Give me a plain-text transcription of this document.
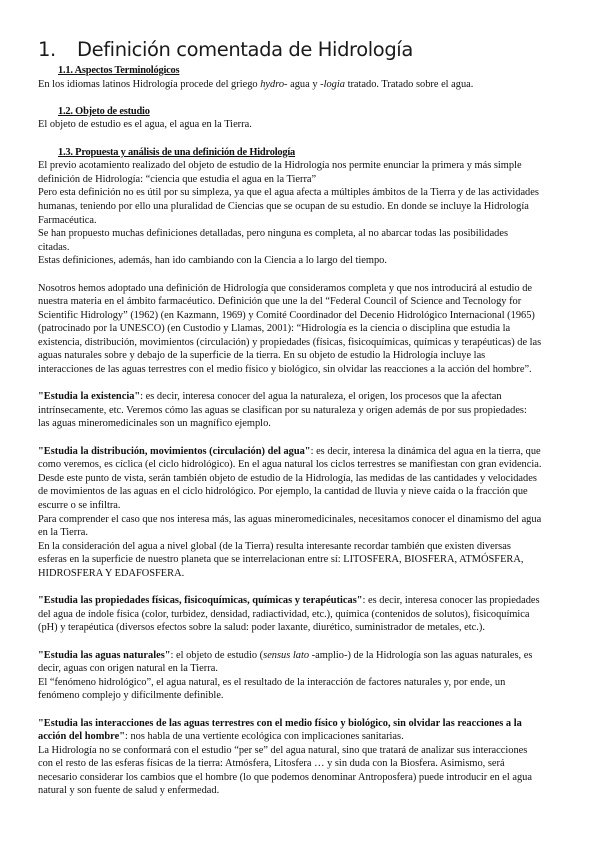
1. Definición comentada de Hidrología

1.1. Aspectos Terminológicos

En los idiomas latinos Hidrología procede del griego hydro- agua y -logia tratado. Tratado sobre el agua.

1.2. Objeto de estudio

El objeto de estudio es el agua, el agua en la Tierra.

1.3. Propuesta y análisis de una definición de Hidrología

El previo acotamiento realizado del objeto de estudio de la Hidrología nos permite enunciar la primera y más simple

definición de Hidrología: “ciencia que estudia el agua en la Tierra”

Pero esta definición no es útil por su simpleza, ya que el agua afecta a múltiples ámbitos de la Tierra y de las actividades

humanas, teniendo por ello una pluralidad de Ciencias que se ocupan de su estudio. En donde se incluye la Hidrología

Farmacéutica.

Se han propuesto muchas definiciones detalladas, pero ninguna es completa, al no abarcar todas las posibilidades

citadas.

Estas definiciones, además, han ido cambiando con la Ciencia a lo largo del tiempo.

Nosotros hemos adoptado una definición de Hidrología que consideramos completa y que nos introducirá al estudio de

nuestra materia en el ámbito farmacéutico. Definición que une la del “Federal Council of Science and Tecnology for

Scientific Hidrology” (1962) (en Kazmann, 1969) y Comité Coordinador del Decenio Hidrológico Internacional (1965)

(patrocinado por la UNESCO) (en Custodio y Llamas, 2001): “Hidrología es la ciencia o disciplina que estudia la

existencia, distribución, movimientos (circulación) y propiedades (físicas, fisicoquímicas, químicas y terapéuticas) de las

aguas naturales sobre y debajo de la superficie de la tierra. En su objeto de estudio la Hidrología incluye las

interacciones de las aguas terrestres con el medio físico y biológico, sin olvidar las reacciones a la acción del hombre”.

"Estudia la existencia": es decir, interesa conocer del agua la naturaleza, el origen, los procesos que la afectan

intrínsecamente, etc. Veremos cómo las aguas se clasifican por su naturaleza y origen además de por sus propiedades:

las aguas mineromedicinales son un magnífico ejemplo.

"Estudia la distribución, movimientos (circulación) del agua": es decir, interesa la dinámica del agua en la tierra, que

como veremos, es cíclica (el ciclo hidrológico). En el agua natural los ciclos terrestres se manifiestan con gran evidencia.

Desde este punto de vista, serán también objeto de estudio de la Hidrología, las medidas de las cantidades y velocidades

de movimientos de las aguas en el ciclo hidrológico. Por ejemplo, la cantidad de lluvia y nieve caída o la fracción que

escurre o se infiltra.

Para comprender el caso que nos interesa más, las aguas mineromedicinales, necesitamos conocer el dinamismo del agua

en la Tierra.

En la consideración del agua a nivel global (de la Tierra) resulta interesante recordar también que existen diversas

esferas en la superficie de nuestro planeta que se interrelacionan entre sí: LITOSFERA, BIOSFERA, ATMÓSFERA,

HIDROSFERA Y EDAFOSFERA.

"Estudia las propiedades físicas, fisicoquímicas, químicas y terapéuticas": es decir, interesa conocer las propiedades

del agua de índole física (color, turbidez, densidad, radiactividad, etc.), química (contenidos de solutos), fisicoquímica

(pH) y terapéutica (diversos efectos sobre la salud: poder laxante, diurético, suministrador de metales, etc.).

"Estudia las aguas naturales": el objeto de estudio (sensus lato -amplio-) de la Hidrología son las aguas naturales, es

decir, aguas con origen natural en la Tierra.

El “fenómeno hidrológico”, el agua natural, es el resultado de la interacción de factores naturales y, por ende, un

fenómeno complejo y difícilmente definible.

"Estudia las interacciones de las aguas terrestres con el medio físico y biológico, sin olvidar las reacciones a la

acción del hombre": nos habla de una vertiente ecológica con implicaciones sanitarias.

La Hidrología no se conformará con el estudio “per se” del agua natural, sino que tratará de analizar sus interacciones

con el resto de las esferas físicas de la tierra: Atmósfera, Litosfera … y sin duda con la Biosfera. Asimismo, será

necesario considerar los cambios que el hombre (lo que podemos denominar Antroposfera) puede introducir en el agua

natural y son fuente de salud y enfermedad.
